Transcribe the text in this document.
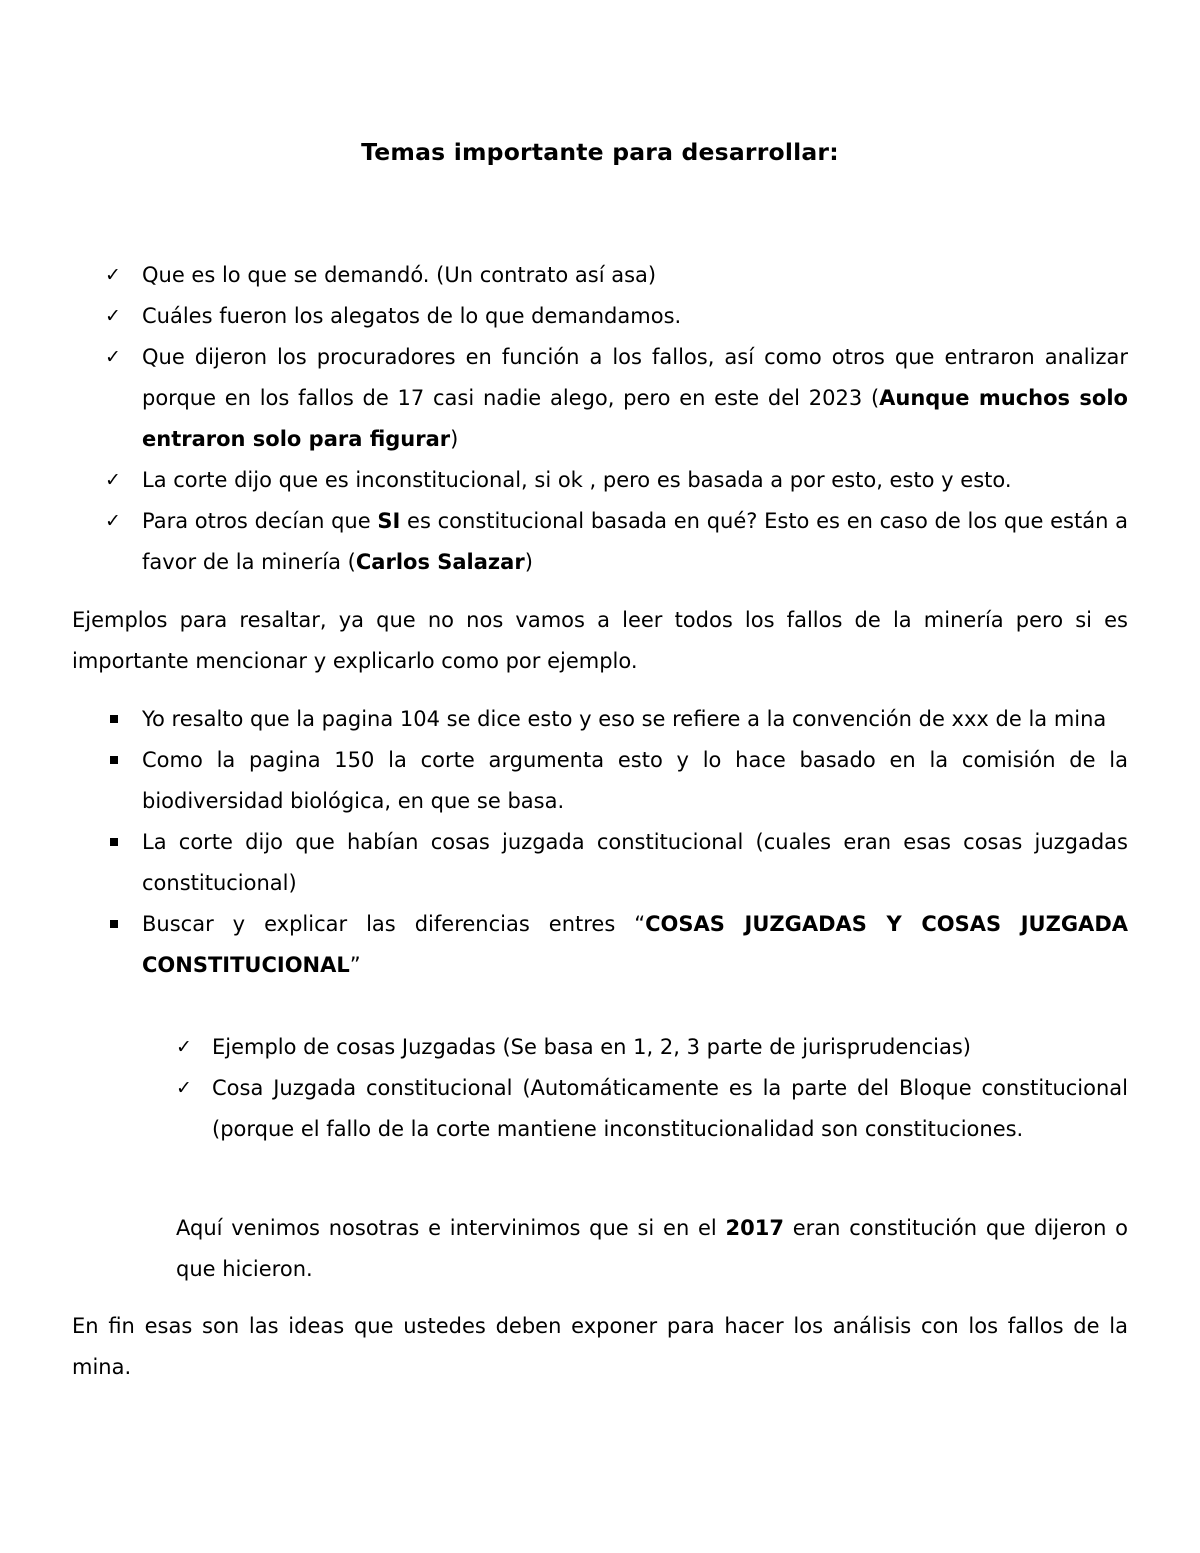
Temas importante para desarrollar:
✓ Que es lo que se demandó. (Un contrato así asa)
✓ Cuáles fueron los alegatos de lo que demandamos.
✓ Que dijeron los procuradores en función a los fallos, así como otros que entraron analizar porque en los fallos de 17 casi nadie alego, pero en este del 2023 (Aunque muchos solo entraron solo para figurar)
✓ La corte dijo que es inconstitucional, si ok , pero es basada a por esto, esto y esto.
✓ Para otros decían que SI es constitucional basada en qué? Esto es en caso de los que están a favor de la minería (Carlos Salazar)

Ejemplos para resaltar, ya que no nos vamos a leer todos los fallos de la minería pero si es importante mencionar y explicarlo como por ejemplo.

Yo resalto que la pagina 104 se dice esto y eso se refiere a la convención de xxx de la mina
Como la pagina 150 la corte argumenta esto y lo hace basado en la comisión de la biodiversidad biológica, en que se basa.
La corte dijo que habían cosas juzgada constitucional (cuales eran esas cosas juzgadas constitucional)
Buscar y explicar las diferencias entres “COSAS JUZGADAS Y COSAS JUZGADA CONSTITUCIONAL”
✓ Ejemplo de cosas Juzgadas (Se basa en 1, 2, 3 parte de jurisprudencias)
✓ Cosa Juzgada constitucional (Automáticamente es la parte del Bloque constitucional (porque el fallo de la corte mantiene inconstitucionalidad son constituciones.

Aquí venimos nosotras e intervinimos que si en el 2017 eran constitución que dijeron o que hicieron.

En fin esas son las ideas que ustedes deben exponer para hacer los análisis con los fallos de la mina.
